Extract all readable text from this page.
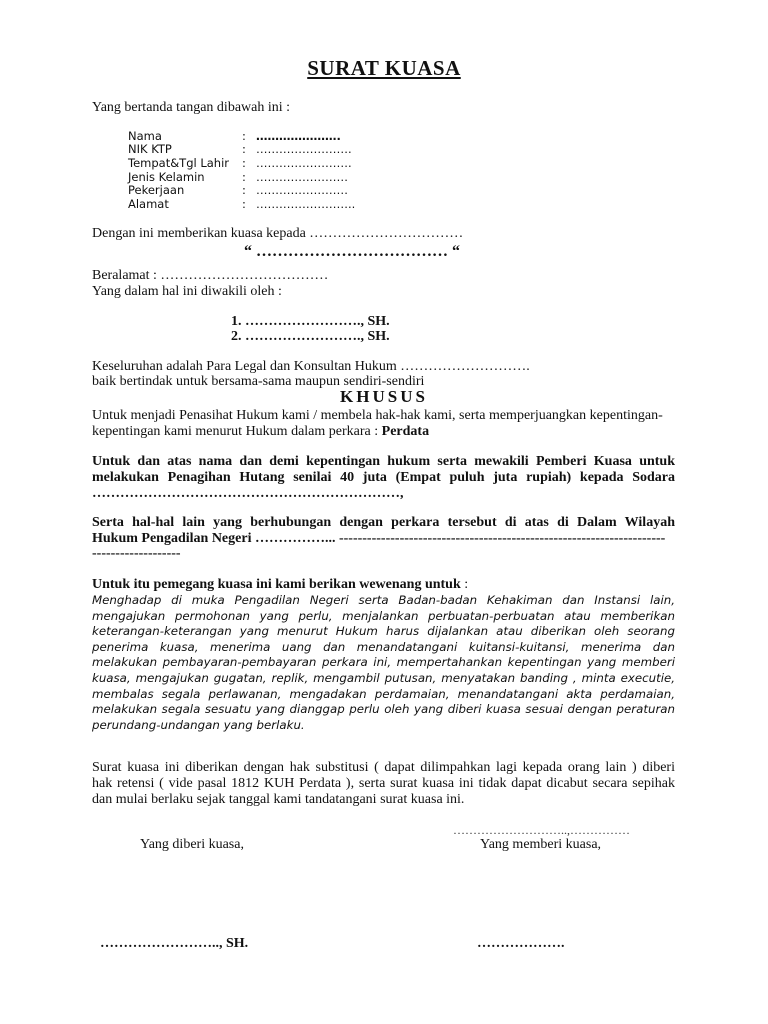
SURAT KUASA
Yang bertanda tangan dibawah ini :
Nama	: ………………….
NIK KTP	: …………………….
Tempat&Tgl Lahir : …………………….
Jenis Kelamin	: ……………………
Pekerjaan	: ……………………
Alamat	: ……………………..
Dengan ini memberikan kuasa kepada ……………………………
“ ……………………………… “
Beralamat : ………………………………
Yang dalam hal ini diwakili oleh :
1. ……………………., SH.
2. ……………………., SH.
Keseluruhan adalah Para Legal dan Konsultan Hukum ……………………….
baik bertindak untuk bersama-sama maupun sendiri-sendiri
KHUSUS
Untuk menjadi Penasihat Hukum kami / membela hak-hak kami, serta memperjuangkan kepentingan-
kepentingan kami menurut Hukum dalam perkara : Perdata
Untuk dan atas nama dan demi kepentingan hukum serta mewakili Pemberi Kuasa untuk
melakukan Penagihan Hutang senilai 40 juta (Empat puluh juta rupiah) kepada Sodara
…………………………………………………………,
Serta hal-hal lain yang berhubungan dengan perkara tersebut di atas di Dalam Wilayah
Hukum Pengadilan Negeri ……………... ----------------------------------------------------------------------
-------------------
Untuk itu pemegang kuasa ini kami berikan wewenang untuk :
Menghadap di muka Pengadilan Negeri serta Badan-badan Kehakiman dan Instansi lain, mengajukan permohonan yang perlu, menjalankan perbuatan-perbuatan atau memberikan keterangan-keterangan yang menurut Hukum harus dijalankan atau diberikan oleh seorang penerima kuasa, menerima uang dan menandatangani kuitansi-kuitansi, menerima dan melakukan pembayaran-pembayaran perkara ini, mempertahankan kepentingan yang memberi kuasa, mengajukan gugatan, replik, mengambil putusan, menyatakan banding , minta executie, membalas segala perlawanan, mengadakan perdamaian, menandatangani akta perdamaian, melakukan segala sesuatu yang dianggap perlu oleh yang diberi kuasa sesuai dengan peraturan perundang-undangan yang berlaku.
Surat kuasa ini diberikan dengan hak substitusi ( dapat dilimpahkan lagi kepada orang lain ) diberi
hak retensi ( vide pasal 1812 KUH Perdata ), serta surat kuasa ini tidak dapat dicabut secara sepihak
dan mulai berlaku sejak tanggal kami tandatangani surat kuasa ini.
………………………..,……………
Yang diberi kuasa,	Yang memberi kuasa,
…………………….., SH.	……………….
